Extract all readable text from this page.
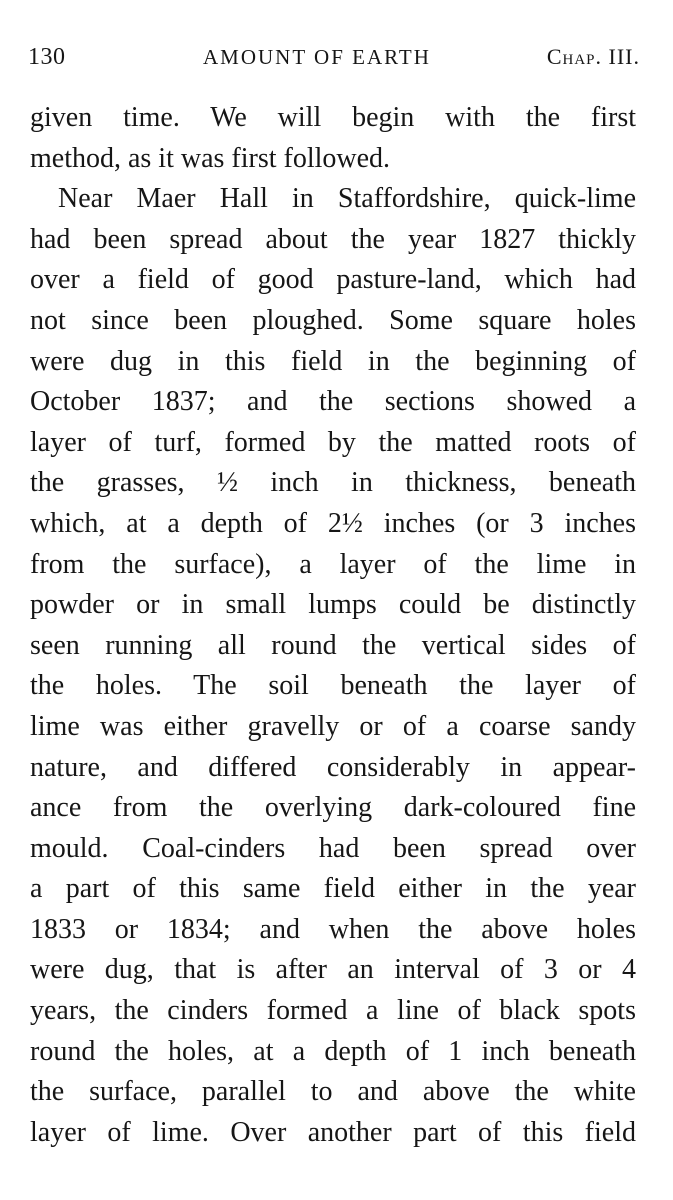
130	AMOUNT OF EARTH	Chap. III.
given time. We will begin with the first
method, as it was first followed.
Near Maer Hall in Staffordshire, quick-lime
had been spread about the year 1827 thickly
over a field of good pasture-land, which had
not since been ploughed. Some square holes
were dug in this field in the beginning of
October 1837; and the sections showed a
layer of turf, formed by the matted roots of
the grasses, ½ inch in thickness, beneath
which, at a depth of 2½ inches (or 3 inches
from the surface), a layer of the lime in
powder or in small lumps could be distinctly
seen running all round the vertical sides of
the holes. The soil beneath the layer of
lime was either gravelly or of a coarse sandy
nature, and differed considerably in appear-
ance from the overlying dark-coloured fine
mould. Coal-cinders had been spread over
a part of this same field either in the year
1833 or 1834; and when the above holes
were dug, that is after an interval of 3 or 4
years, the cinders formed a line of black spots
round the holes, at a depth of 1 inch beneath
the surface, parallel to and above the white
layer of lime. Over another part of this field
